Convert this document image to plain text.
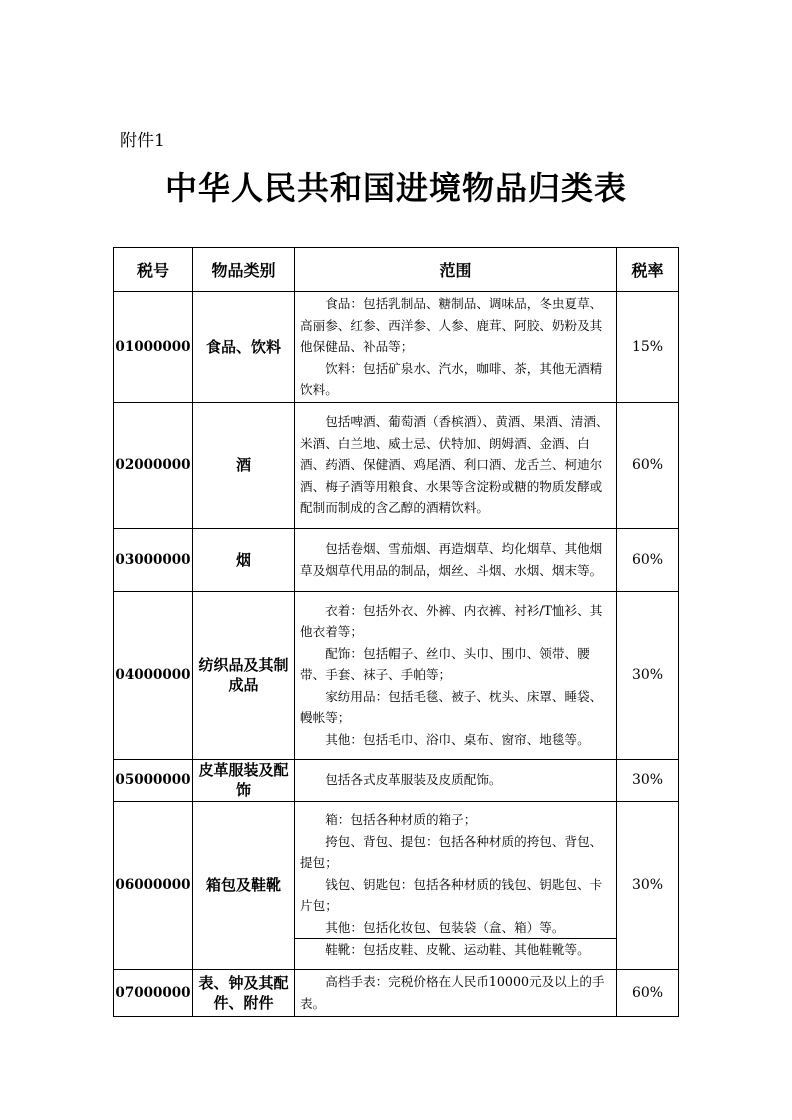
附件1
中华人民共和国进境物品归类表
税号	物品类别	范围	税率
01000000	食品、饮料	食品：包括乳制品、糖制品、调味品，冬虫夏草、高丽参、红参、西洋参、人参、鹿茸、阿胶、奶粉及其他保健品、补品等；
饮料：包括矿泉水、汽水，咖啡、茶，其他无酒精饮料。	15%
02000000	酒	包括啤酒、葡萄酒（香槟酒）、黄酒、果酒、清酒、米酒、白兰地、威士忌、伏特加、朗姆酒、金酒、白酒、药酒、保健酒、鸡尾酒、利口酒、龙舌兰、柯迪尔酒、梅子酒等用粮食、水果等含淀粉或糖的物质发酵或配制而制成的含乙醇的酒精饮料。	60%
03000000	烟	包括卷烟、雪茄烟、再造烟草、均化烟草、其他烟草及烟草代用品的制品，烟丝、斗烟、水烟、烟末等。	60%
04000000	纺织品及其制成品	衣着：包括外衣、外裤、内衣裤、衬衫/T恤衫、其他衣着等；
配饰：包括帽子、丝巾、头巾、围巾、领带、腰带、手套、袜子、手帕等；
家纺用品：包括毛毯、被子、枕头、床罩、睡袋、幔帐等；
其他：包括毛巾、浴巾、桌布、窗帘、地毯等。	30%
05000000	皮革服装及配饰	包括各式皮革服装及皮质配饰。	30%
06000000	箱包及鞋靴	箱：包括各种材质的箱子；
挎包、背包、提包：包括各种材质的挎包、背包、提包；
钱包、钥匙包：包括各种材质的钱包、钥匙包、卡片包；
其他：包括化妆包、包装袋（盒、箱）等。
鞋靴：包括皮鞋、皮靴、运动鞋、其他鞋靴等。	30%
07000000	表、钟及其配件、附件	高档手表：完税价格在人民币10000元及以上的手表。	60%
